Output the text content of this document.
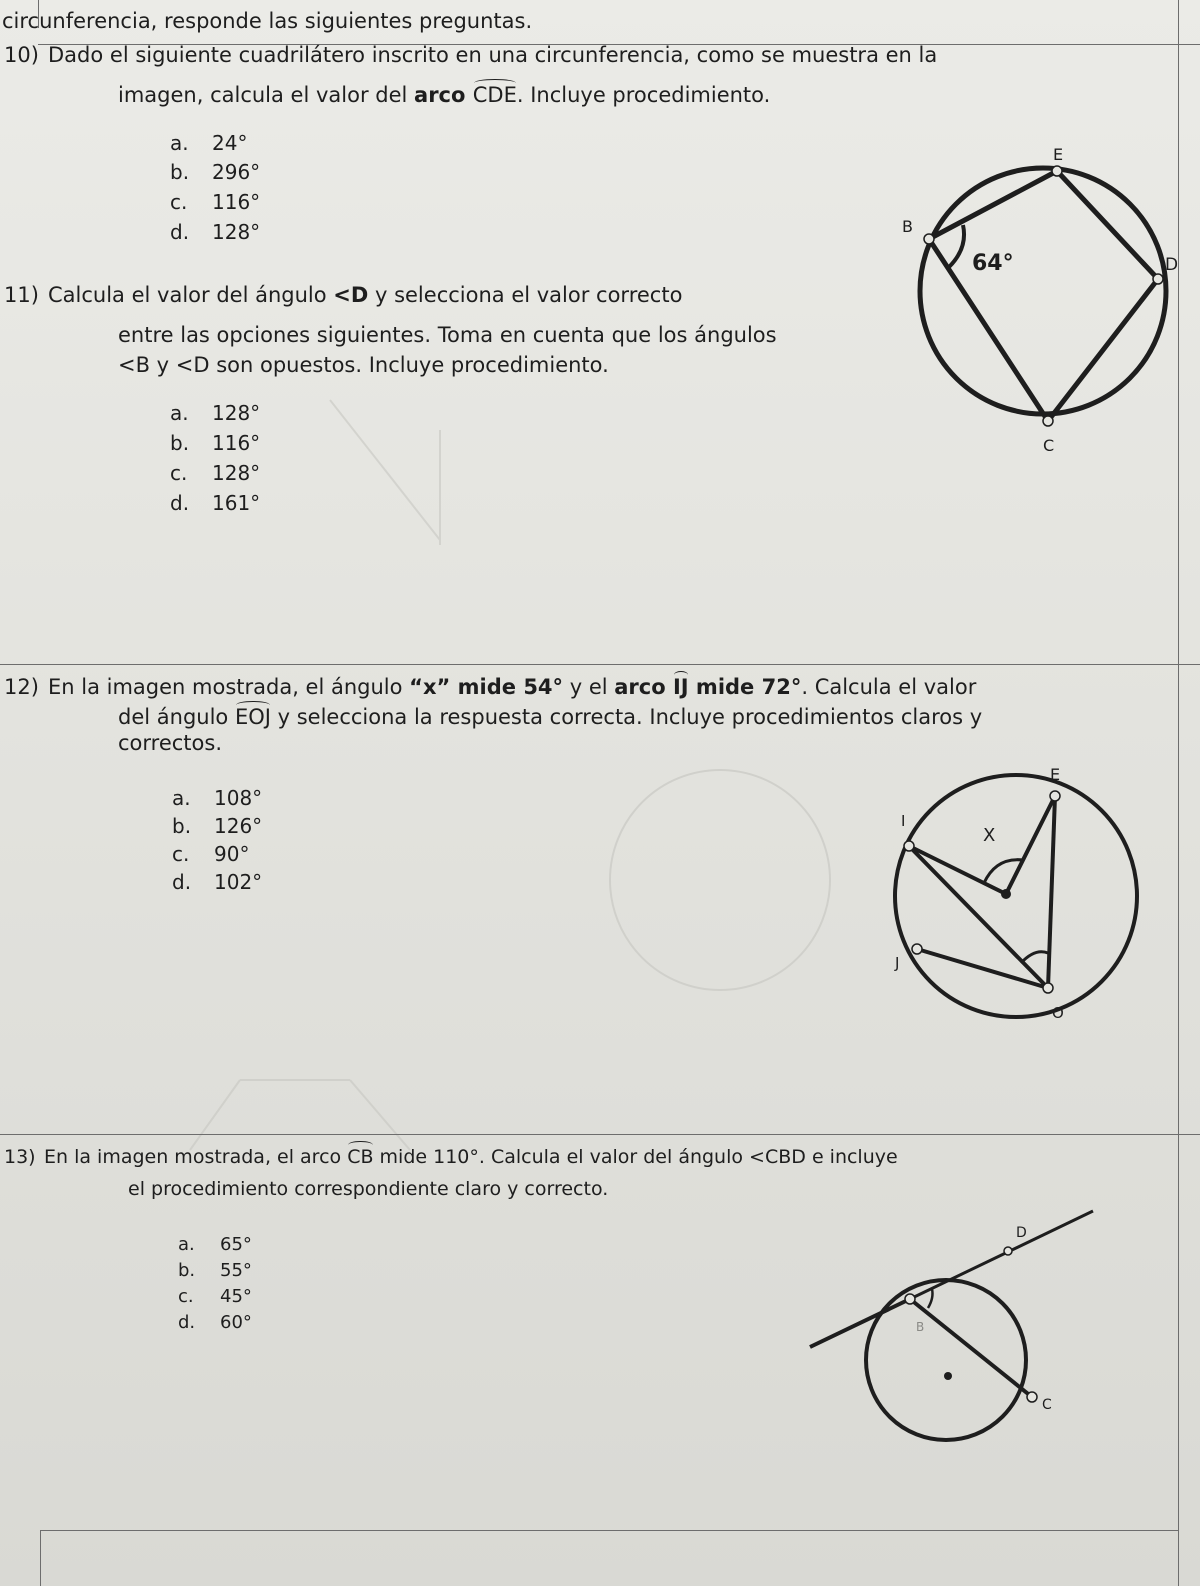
circunferencia, responde las siguientes preguntas.
10) Dado el siguiente cuadrilátero inscrito en una circunferencia, como se muestra en la
imagen, calcula el valor del arco CDE. Incluye procedimiento.
a. 24°
b. 296°
c. 116°
d. 128°
11) Calcula el valor del ángulo <D y selecciona el valor correcto
entre las opciones siguientes. Toma en cuenta que los ángulos
<B y <D son opuestos. Incluye procedimiento.
a. 128°
b. 116°
c. 128°
d. 161°
E
B
D
C
64°
12) En la imagen mostrada, el ángulo “x” mide 54° y el arco IJ mide 72°. Calcula el valor
del ángulo EOJ y selecciona la respuesta correcta. Incluye procedimientos claros y
correctos.
a. 108°
b. 126°
c. 90°
d. 102°
E
I
X
J
O
13) En la imagen mostrada, el arco CB mide 110°. Calcula el valor del ángulo <CBD e incluye
el procedimiento correspondiente claro y correcto.
a. 65°
b. 55°
c. 45°
d. 60°
D
B
C
